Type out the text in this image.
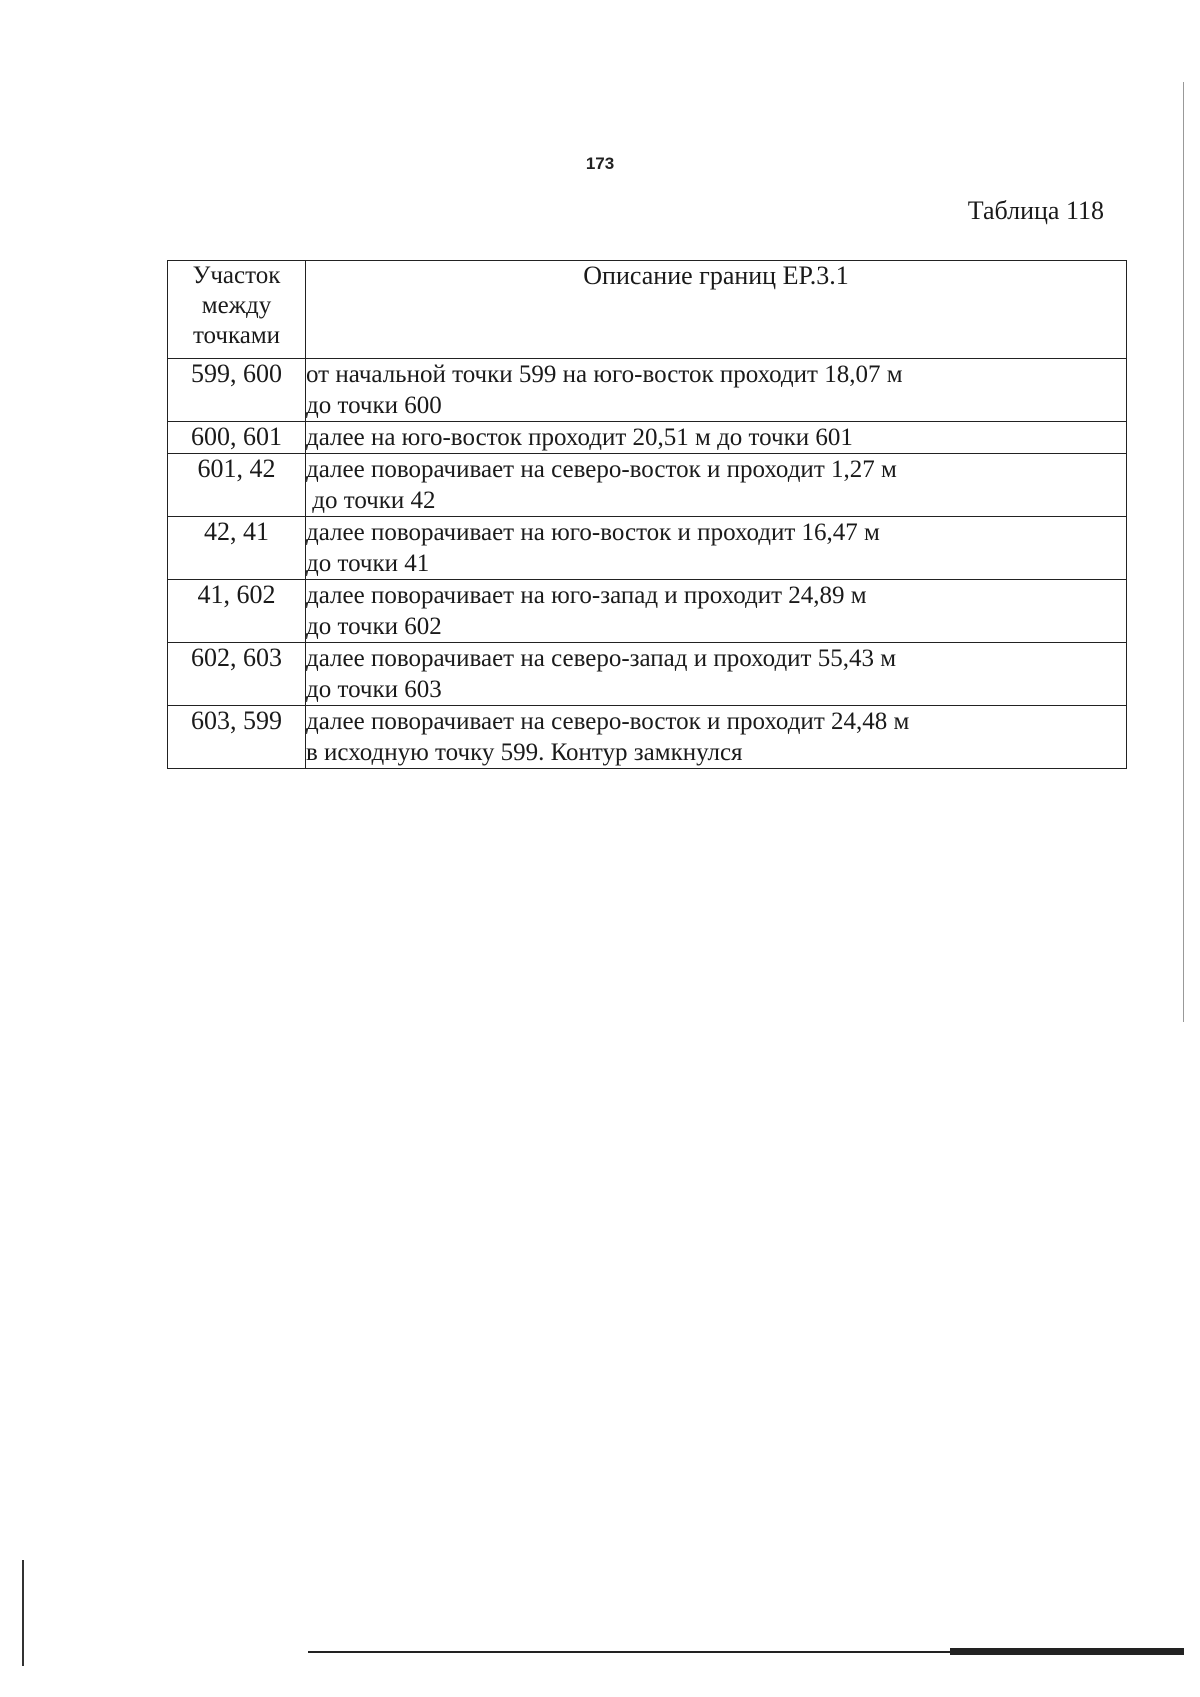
173
Таблица 118
Участок
между
точками	Описание границ ЕР.3.1
599, 600	от начальной точки 599 на юго-восток проходит 18,07 м
до точки 600

600, 601	далее на юго-восток проходит 20,51 м до точки 601

601, 42	далее поворачивает на северо-восток и проходит 1,27 м
до точки 42

42, 41	далее поворачивает на юго-восток и проходит 16,47 м
до точки 41

41, 602	далее поворачивает на юго-запад и проходит 24,89 м
до точки 602

602, 603	далее поворачивает на северо-запад и проходит 55,43 м
до точки 603

603, 599	далее поворачивает на северо-восток и проходит 24,48 м
в исходную точку 599. Контур замкнулся
